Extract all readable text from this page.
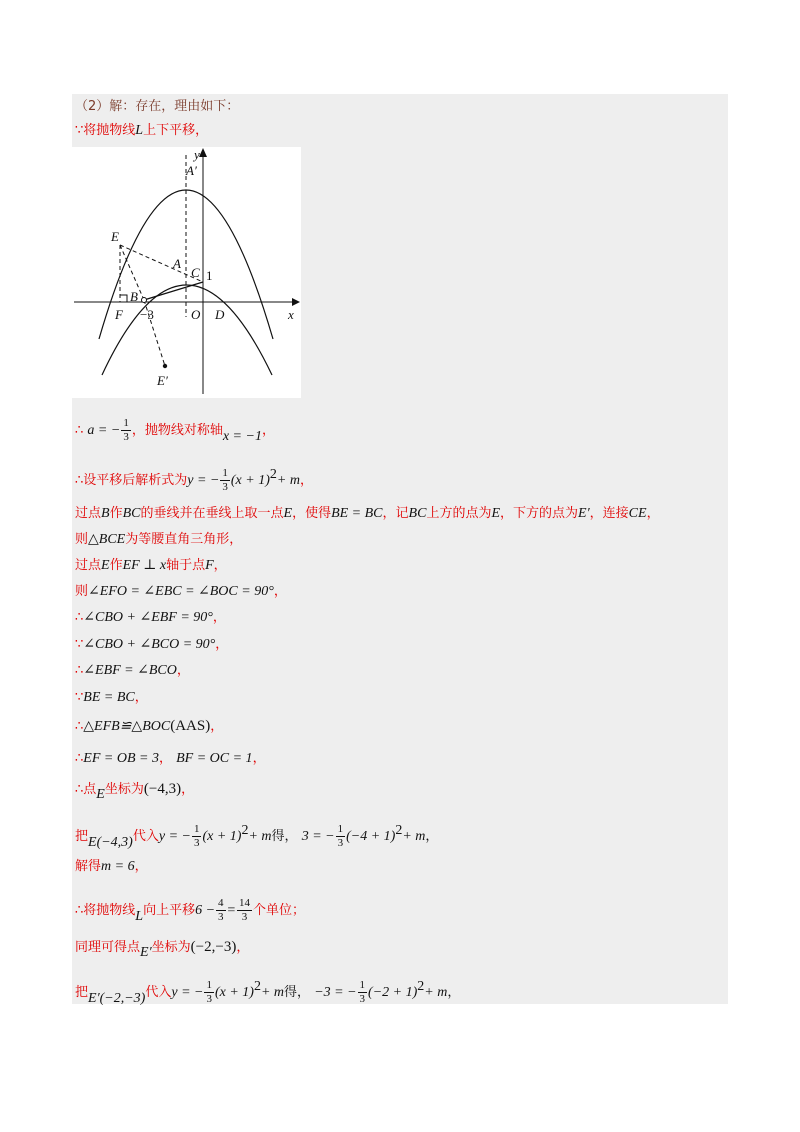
（2）解：存在，理由如下：
∵将抛物线L上下平移，
y
A′
E
A
C 1
B
F −3	O D	x
E′
∴ a = − $\frac{1}{3}$ ，抛物线对称轴x = −1，
∴设平移后解析式为y = − $\frac{1}{3} (x + 1)^2+ m$，
过点B作BC的垂线并在垂线上取一点E，使得BE = BC，记BC上方的点为E，下方的点为E′，连接CE，
则△BCE为等腰直角三角形，
过点E作EF ⊥ x轴于点F，
则∠EFO = ∠EBC = ∠BOC = 90°，
∴∠CBO + ∠EBF = 90°，
∵∠CBO + ∠BCO = 90°，
∴∠EBF = ∠BCO，
∵BE = BC，
∴△EFB≌△BOC(AAS)，
∴EF = OB = 3， BF = OC = 1，
∴点E坐标为(−4,3)，
把E(−4,3)代入y = − $\frac{1}{3} (x + 1)^2+ m$得， 3 = − $\frac{1}{3} (-4 + 1)^2+ m$，
解得m = 6，
∴将抛物线L向上平移$6 - \frac{4}{3} = \frac{14}{3}$ 个单位；
同理可得点E′坐标为(−2,−3)，
把E′(−2,−3)代入y = − $\frac{1}{3} (x + 1)^2+ m$得， −3 = − $\frac{1}{3} (-2 + 1)^2+ m$，
